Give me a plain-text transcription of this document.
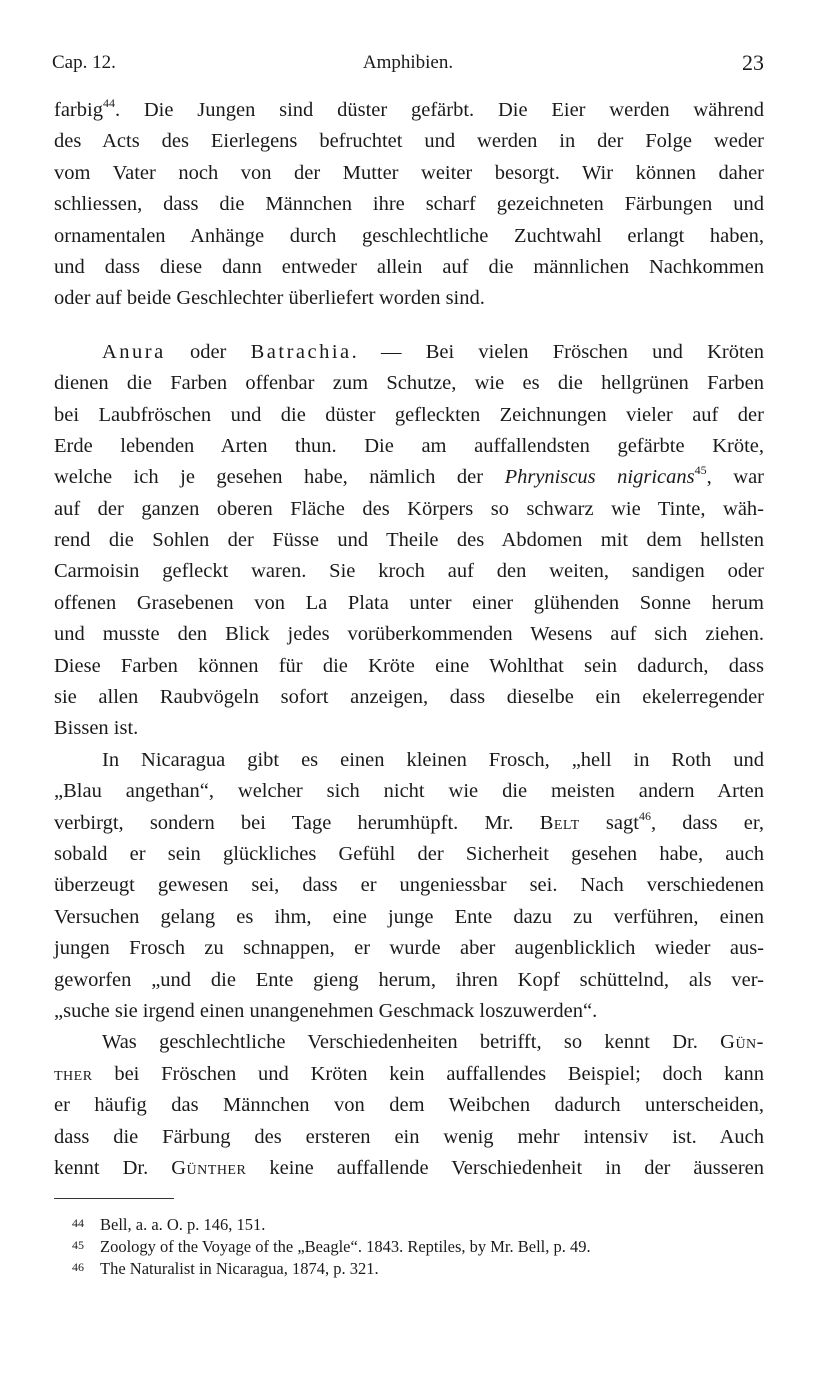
Cap. 12.	Amphibien.	23
farbig$^{44}$. Die Jungen sind düster gefärbt. Die Eier werden während
des Acts des Eierlegens befruchtet und werden in der Folge weder
vom Vater noch von der Mutter weiter besorgt. Wir können daher
schliessen, dass die Männchen ihre scharf gezeichneten Färbungen und
ornamentalen Anhänge durch geschlechtliche Zuchtwahl erlangt haben,
und dass diese dann entweder allein auf die männlichen Nachkommen
oder auf beide Geschlechter überliefert worden sind.
Anura oder Batrachia. — Bei vielen Fröschen und Kröten
dienen die Farben offenbar zum Schutze, wie es die hellgrünen Farben
bei Laubfröschen und die düster gefleckten Zeichnungen vieler auf der
Erde lebenden Arten thun. Die am auffallendsten gefärbte Kröte,
welche ich je gesehen habe, nämlich der Phryniscus nigricans$^{45}$, war
auf der ganzen oberen Fläche des Körpers so schwarz wie Tinte, wäh-
rend die Sohlen der Füsse und Theile des Abdomen mit dem hellsten
Carmoisin gefleckt waren. Sie kroch auf den weiten, sandigen oder
offenen Grasebenen von La Plata unter einer glühenden Sonne herum
und musste den Blick jedes vorüberkommenden Wesens auf sich ziehen.
Diese Farben können für die Kröte eine Wohlthat sein dadurch, dass
sie allen Raubvögeln sofort anzeigen, dass dieselbe ein ekelerregender
Bissen ist.
In Nicaragua gibt es einen kleinen Frosch, „hell in Roth und
„Blau angethan“, welcher sich nicht wie die meisten andern Arten
verbirgt, sondern bei Tage herumhüpft. Mr. Belt sagt$^{46}$, dass er,
sobald er sein glückliches Gefühl der Sicherheit gesehen habe, auch
überzeugt gewesen sei, dass er ungeniessbar sei. Nach verschiedenen
Versuchen gelang es ihm, eine junge Ente dazu zu verführen, einen
jungen Frosch zu schnappen, er wurde aber augenblicklich wieder aus-
geworfen „und die Ente gieng herum, ihren Kopf schüttelnd, als ver-
„suche sie irgend einen unangenehmen Geschmack loszuwerden“.
Was geschlechtliche Verschiedenheiten betrifft, so kennt Dr. Gün-
ther bei Fröschen und Kröten kein auffallendes Beispiel; doch kann
er häufig das Männchen von dem Weibchen dadurch unterscheiden,
dass die Färbung des ersteren ein wenig mehr intensiv ist. Auch
kennt Dr. Günther keine auffallende Verschiedenheit in der äusseren
44 Bell, a. a. O. p. 146, 151.
45 Zoology of the Voyage of the „Beagle“. 1843. Reptiles, by Mr. Bell, p. 49.
46 The Naturalist in Nicaragua, 1874, p. 321.
